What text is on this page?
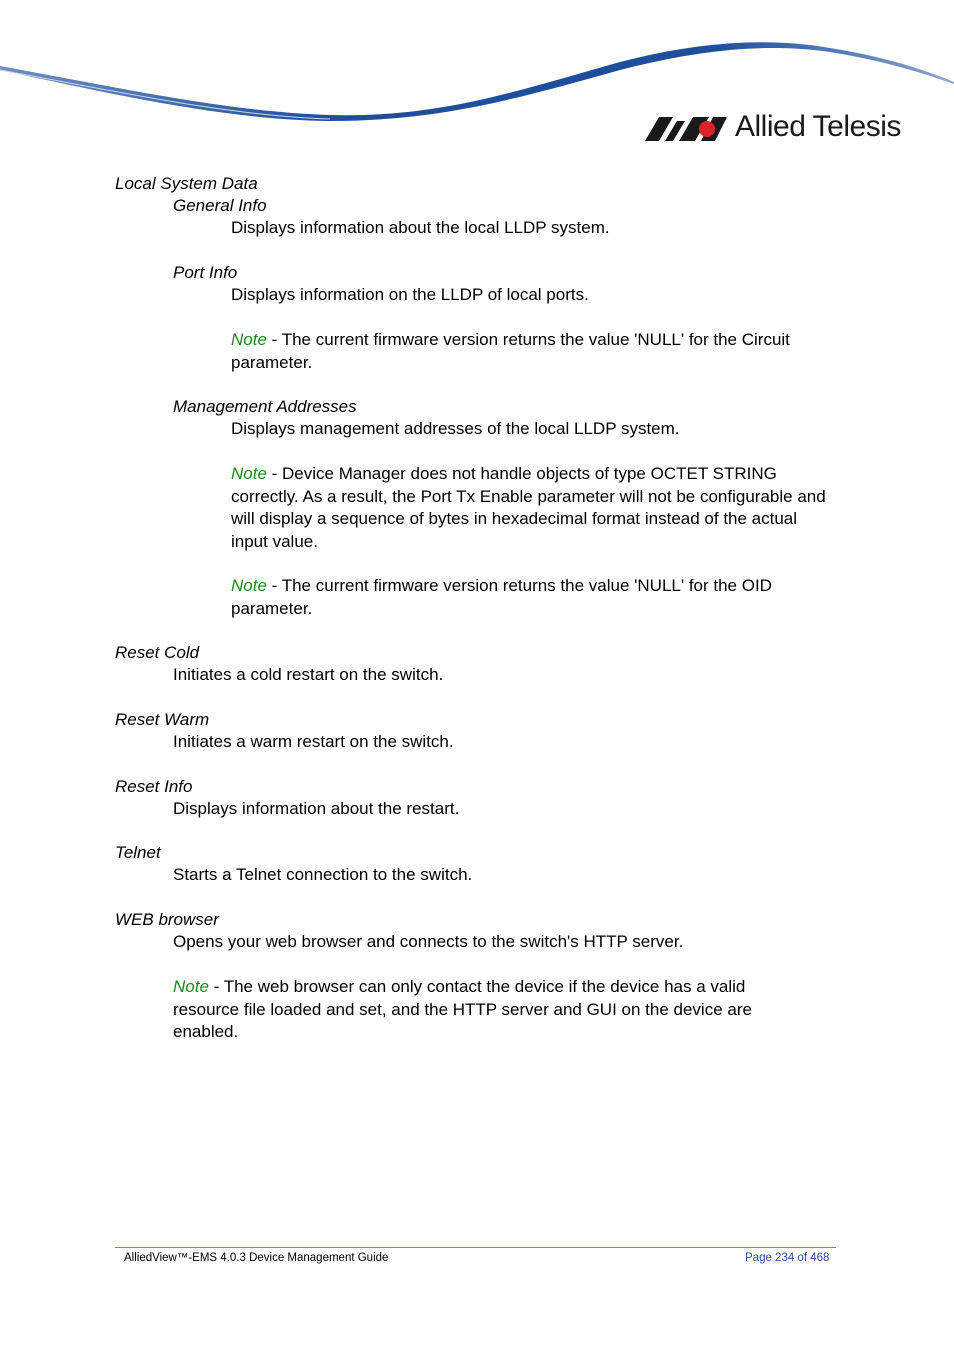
Allied Telesis
Local System Data
General Info
Displays information about the local LLDP system.
Port Info
Displays information on the LLDP of local ports.
Note - The current firmware version returns the value 'NULL' for the Circuit parameter.
Management Addresses
Displays management addresses of the local LLDP system.
Note - Device Manager does not handle objects of type OCTET STRING correctly. As a result, the Port Tx Enable parameter will not be configurable and will display a sequence of bytes in hexadecimal format instead of the actual input value.
Note - The current firmware version returns the value 'NULL' for the OID parameter.
Reset Cold
Initiates a cold restart on the switch.
Reset Warm
Initiates a warm restart on the switch.
Reset Info
Displays information about the restart.
Telnet
Starts a Telnet connection to the switch.
WEB browser
Opens your web browser and connects to the switch's HTTP server.
Note - The web browser can only contact the device if the device has a valid resource file loaded and set, and the HTTP server and GUI on the device are enabled.
AlliedView™-EMS 4.0.3 Device Management Guide	Page 234 of 468
